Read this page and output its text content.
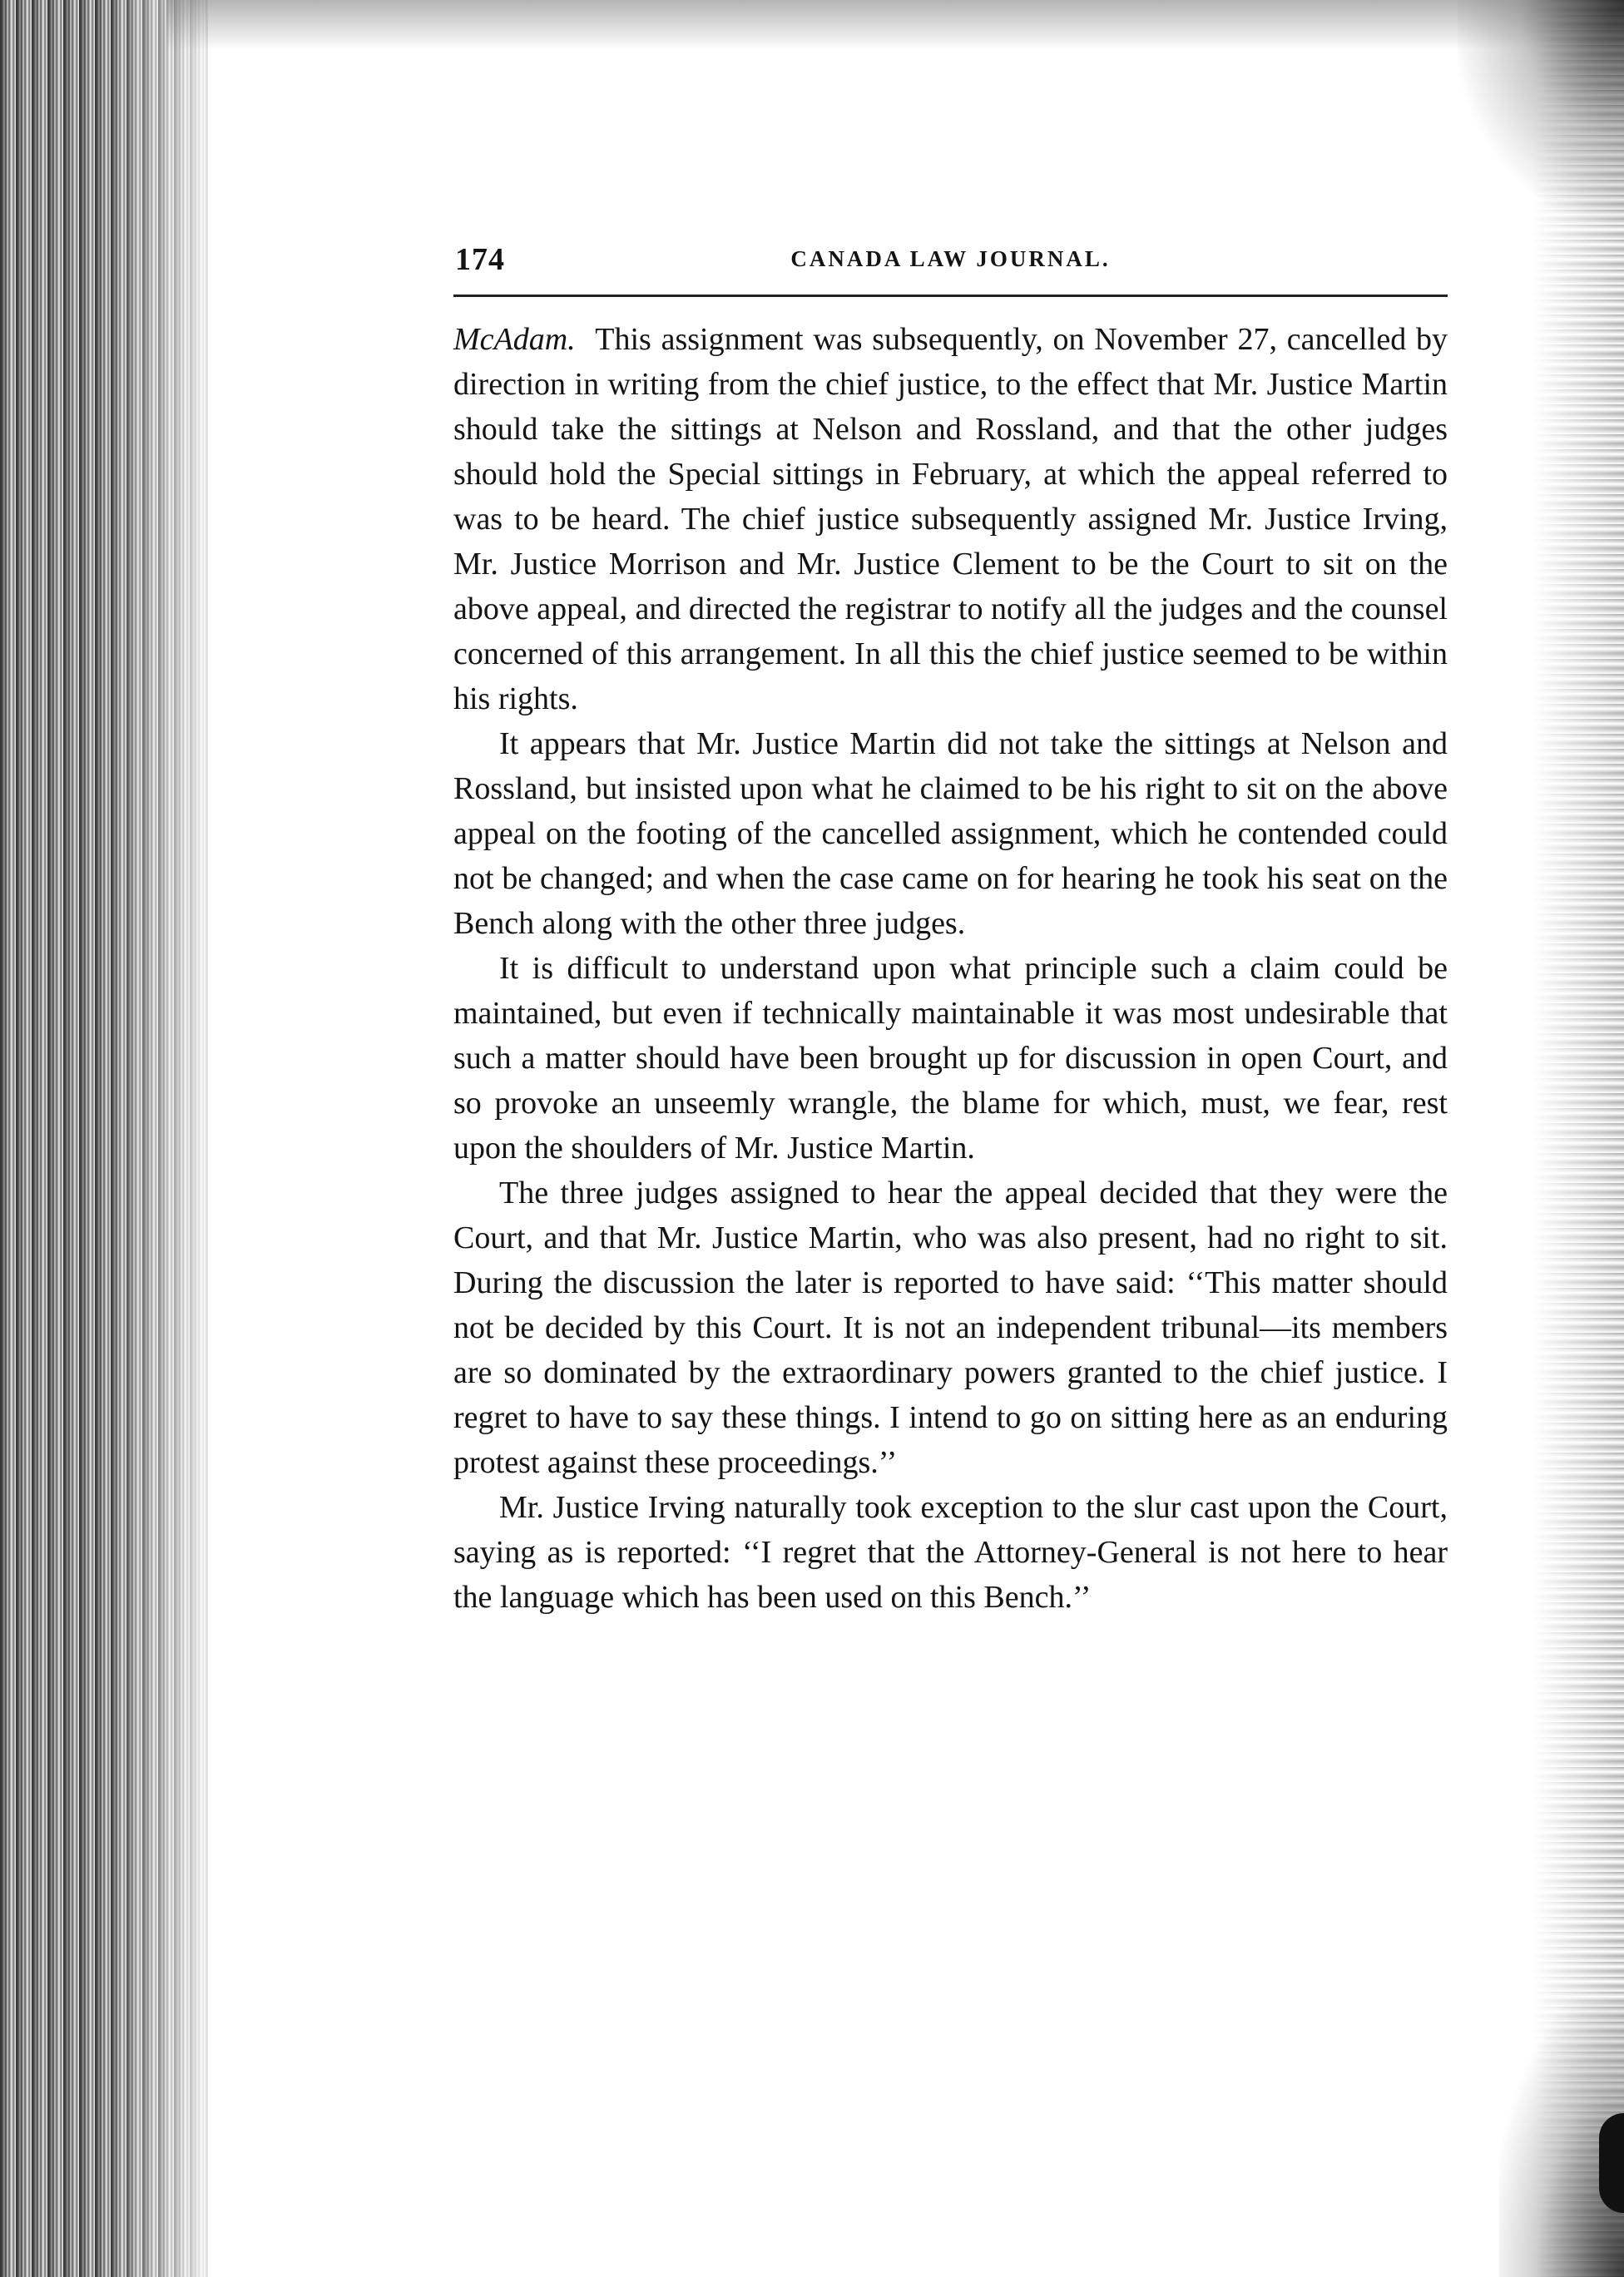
174	CANADA LAW JOURNAL.

McAdam. This assignment was subsequently, on November 27, cancelled by direction in writing from the chief justice, to the effect that Mr. Justice Martin should take the sittings at Nelson and Rossland, and that the other judges should hold the Special sittings in February, at which the appeal referred to was to be heard. The chief justice subsequently assigned Mr. Justice Irving, Mr. Justice Morrison and Mr. Justice Clement to be the Court to sit on the above appeal, and directed the registrar to notify all the judges and the counsel concerned of this arrangement. In all this the chief justice seemed to be within his rights.

It appears that Mr. Justice Martin did not take the sittings at Nelson and Rossland, but insisted upon what he claimed to be his right to sit on the above appeal on the footing of the cancelled assignment, which he contended could not be changed; and when the case came on for hearing he took his seat on the Bench along with the other three judges.

It is difficult to understand upon what principle such a claim could be maintained, but even if technically maintainable it was most undesirable that such a matter should have been brought up for discussion in open Court, and so provoke an unseemly wrangle, the blame for which, must, we fear, rest upon the shoulders of Mr. Justice Martin.

The three judges assigned to hear the appeal decided that they were the Court, and that Mr. Justice Martin, who was also present, had no right to sit. During the discussion the later is reported to have said: ‘‘This matter should not be decided by this Court. It is not an independent tribunal—its members are so dominated by the extraordinary powers granted to the chief justice. I regret to have to say these things. I intend to go on sitting here as an enduring protest against these proceedings.’’

Mr. Justice Irving naturally took exception to the slur cast upon the Court, saying as is reported: ‘‘I regret that the Attorney-General is not here to hear the language which has been used on this Bench.’’
